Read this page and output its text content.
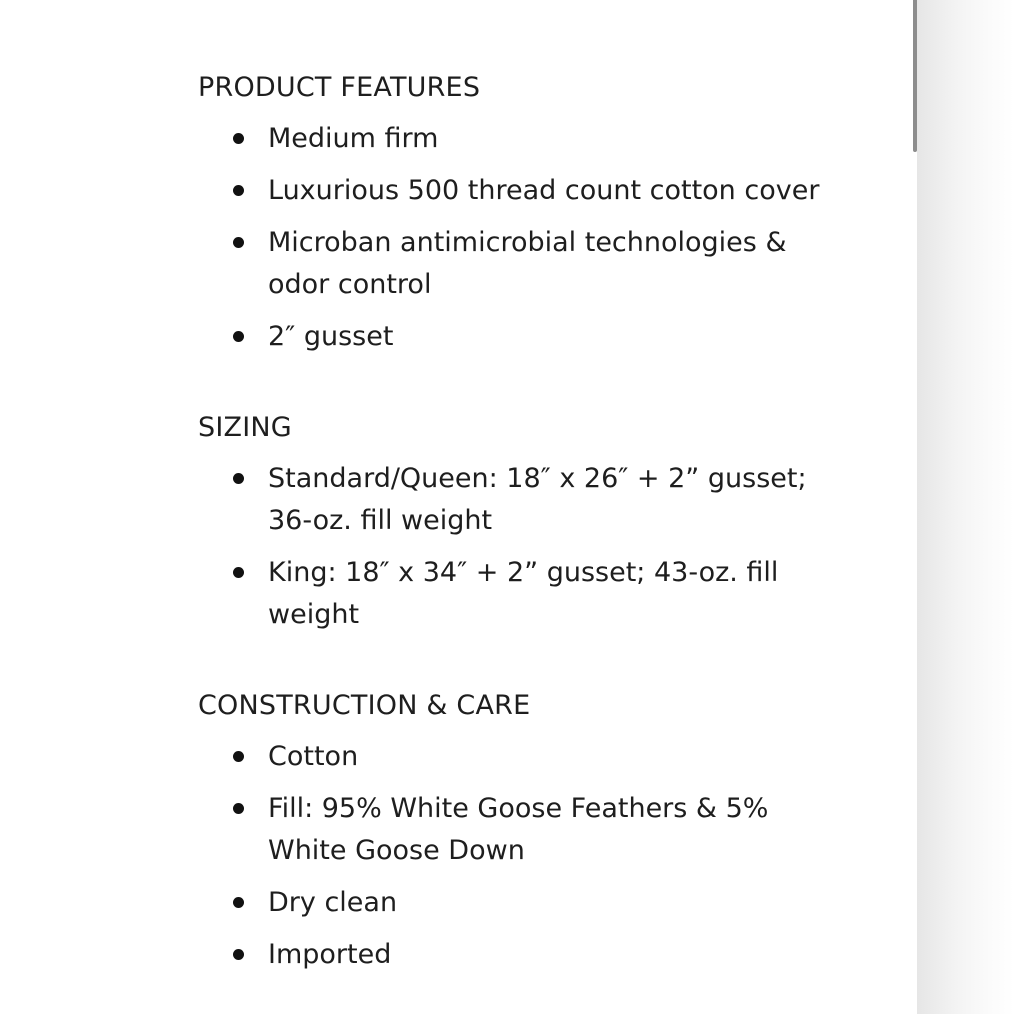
PRODUCT FEATURES
Medium firm
Luxurious 500 thread count cotton cover
Microban antimicrobial technologies & odor control
2″ gusset
SIZING
Standard/Queen: 18″ x 26″ + 2” gusset; 36-oz. fill weight
King: 18″ x 34″ + 2” gusset; 43-oz. fill weight
CONSTRUCTION & CARE
Cotton
Fill: 95% White Goose Feathers & 5% White Goose Down
Dry clean
Imported
